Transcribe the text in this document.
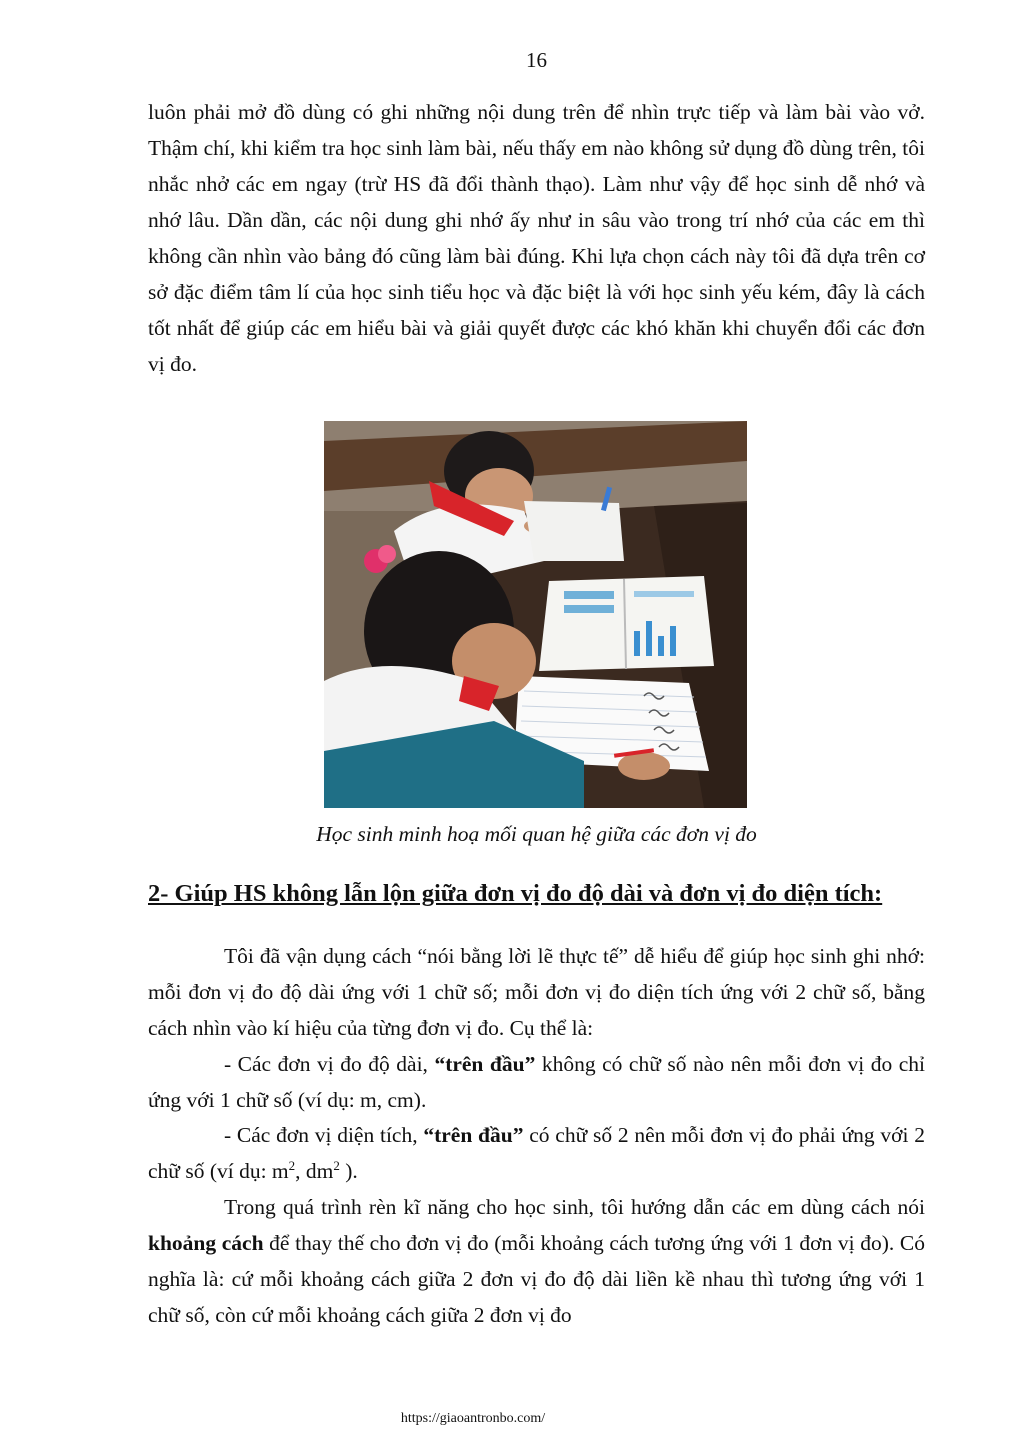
16

luôn phải mở đồ dùng có ghi những nội dung trên để nhìn trực tiếp và làm bài vào vở. Thậm chí, khi kiểm tra học sinh làm bài, nếu thấy em nào không sử dụng đồ dùng trên, tôi nhắc nhở các em ngay (trừ HS đã đổi thành thạo). Làm như vậy để học sinh dễ nhớ và nhớ lâu. Dần dần, các nội dung ghi nhớ ấy như in sâu vào trong trí nhớ của các em thì không cần nhìn vào bảng đó cũng làm bài đúng. Khi lựa chọn cách này tôi đã dựa trên cơ sở đặc điểm tâm lí của học sinh tiểu học và đặc biệt là với học sinh yếu kém, đây là cách tốt nhất để giúp các em hiểu bài và giải quyết được các khó khăn khi chuyển đổi các đơn vị đo.

Học sinh minh hoạ mối quan hệ giữa các đơn vị đo
2- Giúp HS không lẫn lộn giữa đơn vị đo độ dài và đơn vị đo diện tích:

Tôi đã vận dụng cách “nói bằng lời lẽ thực tế” dễ hiểu để giúp học sinh ghi nhớ: mỗi đơn vị đo độ dài ứng với 1 chữ số; mỗi đơn vị đo diện tích ứng với 2 chữ số, bằng cách nhìn vào kí hiệu của từng đơn vị đo. Cụ thể là:

- Các đơn vị đo độ dài, “trên đầu” không có chữ số nào nên mỗi đơn vị đo chỉ ứng với 1 chữ số (ví dụ: m, cm).

- Các đơn vị diện tích, “trên đầu” có chữ số 2 nên mỗi đơn vị đo phải ứng với 2 chữ số (ví dụ: $m^2$, $dm^2$ ).

Trong quá trình rèn kĩ năng cho học sinh, tôi hướng dẫn các em dùng cách nói khoảng cách để thay thế cho đơn vị đo (mỗi khoảng cách tương ứng với 1 đơn vị đo). Có nghĩa là: cứ mỗi khoảng cách giữa 2 đơn vị đo độ dài liền kề nhau thì tương ứng với 1 chữ số, còn cứ mỗi khoảng cách giữa 2 đơn vị đo

https://giaoantronbo.com/
